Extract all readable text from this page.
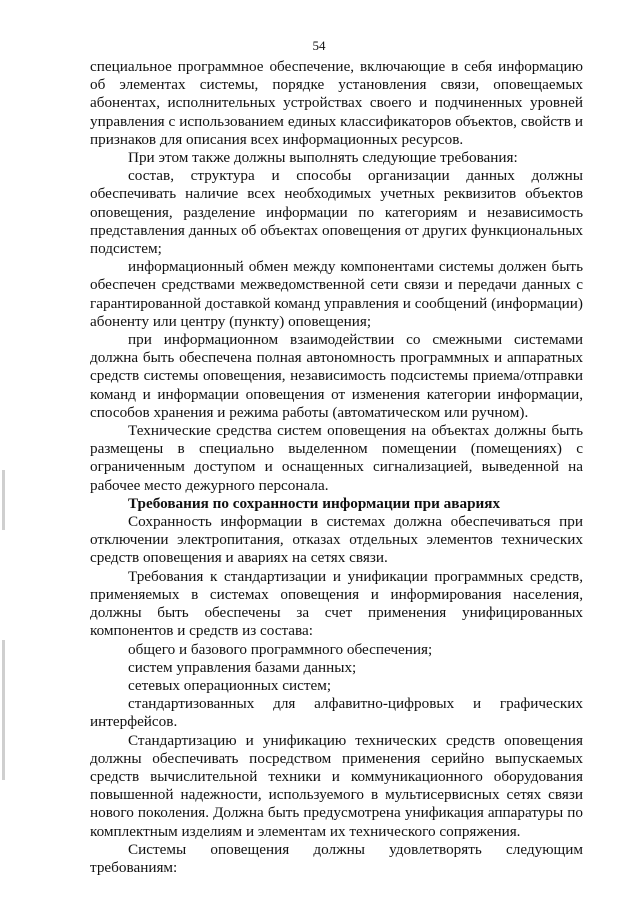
54

специальное программное обеспечение, включающие в себя информацию об элементах системы, порядке установления связи, оповещаемых абонентах, исполнительных устройствах своего и подчиненных уровней управления с использованием единых классификаторов объектов, свойств и признаков для описания всех информационных ресурсов.

При этом также должны выполнять следующие требования:

состав, структура и способы организации данных должны обеспечивать наличие всех необходимых учетных реквизитов объектов оповещения, разделение информации по категориям и независимость представления данных об объектах оповещения от других функциональных подсистем;

информационный обмен между компонентами системы должен быть обеспечен средствами межведомственной сети связи и передачи данных с гарантированной доставкой команд управления и сообщений (информации) абоненту или центру (пункту) оповещения;

при информационном взаимодействии со смежными системами должна быть обеспечена полная автономность программных и аппаратных средств системы оповещения, независимость подсистемы приема/отправки команд и информации оповещения от изменения категории информации, способов хранения и режима работы (автоматическом или ручном).

Технические средства систем оповещения на объектах должны быть размещены в специально выделенном помещении (помещениях) с ограниченным доступом и оснащенных сигнализацией, выведенной на рабочее место дежурного персонала.

Требования по сохранности информации при авариях

Сохранность информации в системах должна обеспечиваться при отключении электропитания, отказах отдельных элементов технических средств оповещения и авариях на сетях связи.

Требования к стандартизации и унификации программных средств, применяемых в системах оповещения и информирования населения, должны быть обеспечены за счет применения унифицированных компонентов и средств из состава:

общего и базового программного обеспечения;

систем управления базами данных;

сетевых операционных систем;

стандартизованных для алфавитно-цифровых и графических интерфейсов.

Стандартизацию и унификацию технических средств оповещения должны обеспечивать посредством применения серийно выпускаемых средств вычислительной техники и коммуникационного оборудования повышенной надежности, используемого в мультисервисных сетях связи нового поколения. Должна быть предусмотрена унификация аппаратуры по комплектным изделиям и элементам их технического сопряжения.

Системы оповещения должны удовлетворять следующим требованиям:
